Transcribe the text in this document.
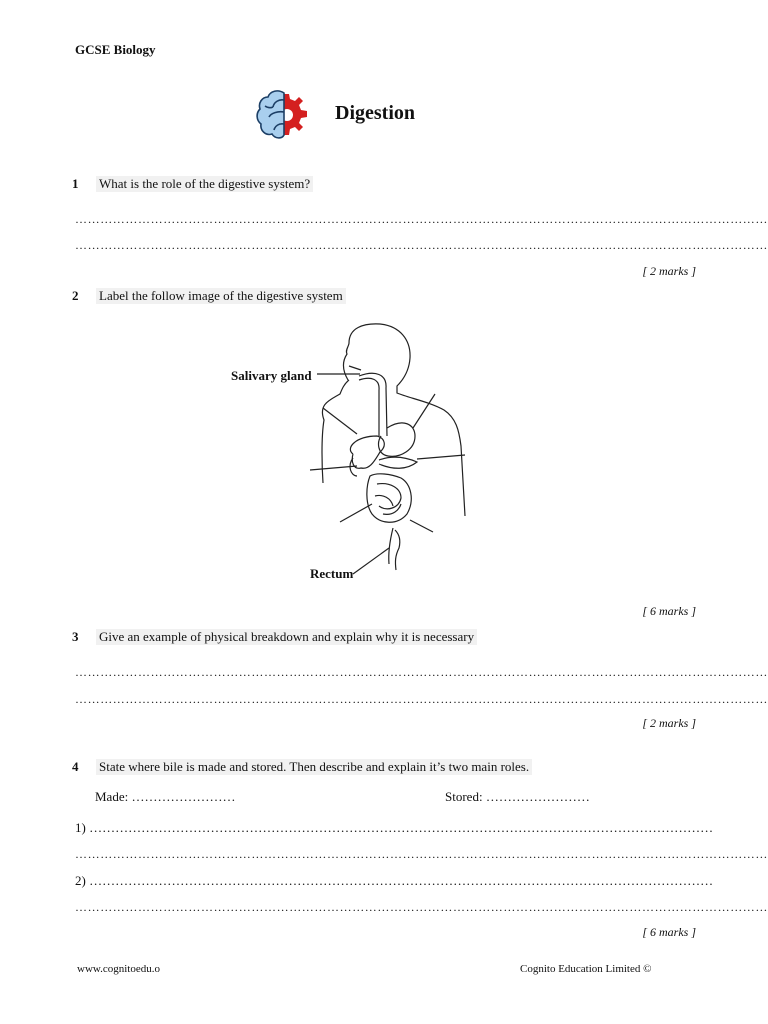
GCSE Biology
Digestion
1 What is the role of the digestive system?
…………………………………………………………………………………………………………………………………………………
…………………………………………………………………………………………………………………………………………………
[ 2 marks ]
2 Label the follow image of the digestive system
Salivary gland
Rectum
[ 6 marks ]
3 Give an example of physical breakdown and explain why it is necessary
…………………………………………………………………………………………………………………………………………………
…………………………………………………………………………………………………………………………………………………
[ 2 marks ]
4 State where bile is made and stored. Then describe and explain it’s two main roles.
Made: ……………………	Stored: ……………………
1) ………………………………………………………………………………………………………………………………
…………………………………………………………………………………………………………………………………………………
2) ………………………………………………………………………………………………………………………………
…………………………………………………………………………………………………………………………………………………
[ 6 marks ]
www.cognitoedu.o	Cognito Education Limited ©
